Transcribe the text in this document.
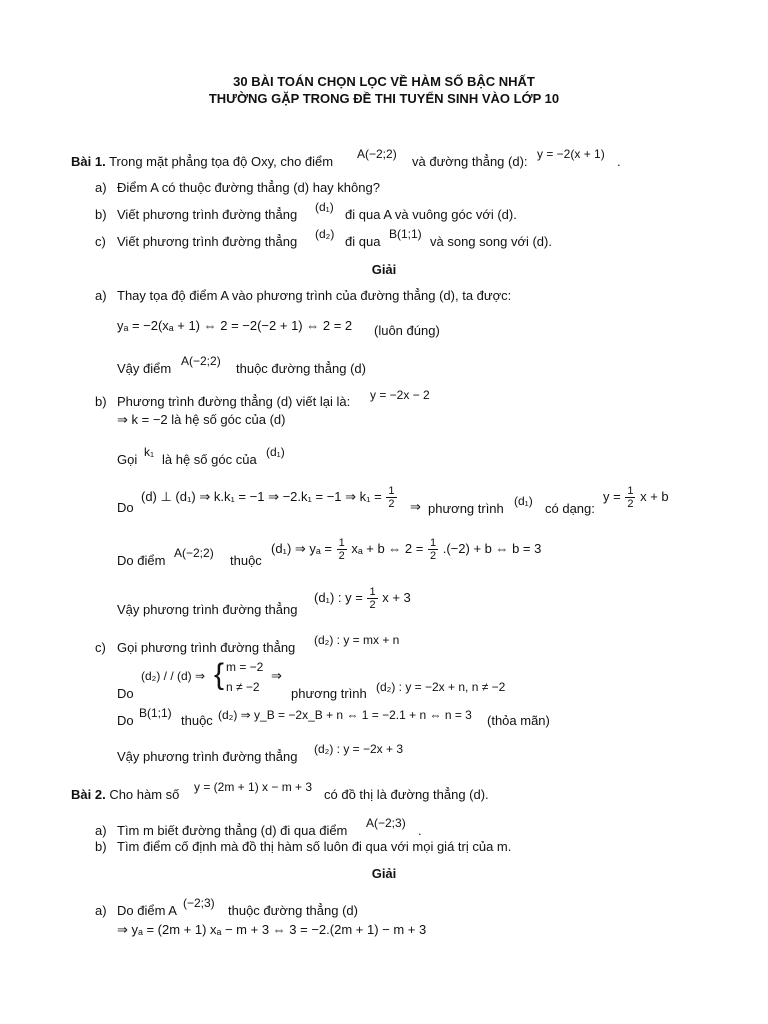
30 BÀI TOÁN CHỌN LỌC VỀ HÀM SỐ BẬC NHẤT
THƯỜNG GẶP TRONG ĐỀ THI TUYỂN SINH VÀO LỚP 10
Bài 1. Trong mặt phẳng tọa độ Oxy, cho điểm A(−2;2) và đường thẳng (d): y = −2(x + 1) .
a) Điểm A có thuộc đường thẳng (d) hay không?
b) Viết phương trình đường thẳng (d₁) đi qua A và vuông góc với (d).
c) Viết phương trình đường thẳng (d₂) đi qua B(1;1) và song song với (d).
Giải
a) Thay tọa độ điểm A vào phương trình của đường thẳng (d), ta được:
yₐ = −2(xₐ + 1) ⇔ 2 = −2(−2 + 1) ⇔ 2 = 2 (luôn đúng)
Vậy điểm A(−2;2) thuộc đường thẳng (d)
b) Phương trình đường thẳng (d) viết lại là: y = −2x − 2
⇒ k = −2 là hệ số góc của (d)
Gọi k₁ là hệ số góc của (d₁)
Do
(d) ⊥ (d₁) ⇒ k.k₁ = −1 ⇒ −2.k₁ = −1 ⇒ $k_1 = \frac{1}{2}$ ⇒ phương trình (d₁) có dạng:
$y = \frac{1}{2}$ x + b
Do điểm A(−2;2) thuộc
(d₁) ⇒ $y_a = \frac{1}{2}$ xₐ + b ⇔ $2 = \frac{1}{2} .(-2) + b$ ⇔ b = 3
Vậy phương trình đường thẳng
(d₁) : $y = \frac{1}{2}$ x + 3
c) Gọi phương trình đường thẳng (d₂) : y = mx + n
Do
(d₂) / / (d) ⇒ { m = −2
n ≠ −2
⇒
phương trình (d₂) : y = −2x + n, n ≠ −2
Do B(1;1) thuộc (d₂) ⇒ y_B = −2x_B + n ⇔ 1 = −2.1 + n ⇔ n = 3 (thỏa mãn)
Vậy phương trình đường thẳng (d₂) : y = −2x + 3
Bài 2. Cho hàm số y = (2m + 1) x − m + 3 có đồ thị là đường thẳng (d).
a) Tìm m biết đường thẳng (d) đi qua điểm A(−2;3) .
b) Tìm điểm cố định mà đồ thị hàm số luôn đi qua với mọi giá trị của m.
Giải
a) Do điểm A (−2;3) thuộc đường thẳng (d)
⇒ yₐ = (2m + 1) xₐ − m + 3 ⇔ 3 = −2.(2m + 1) − m + 3
